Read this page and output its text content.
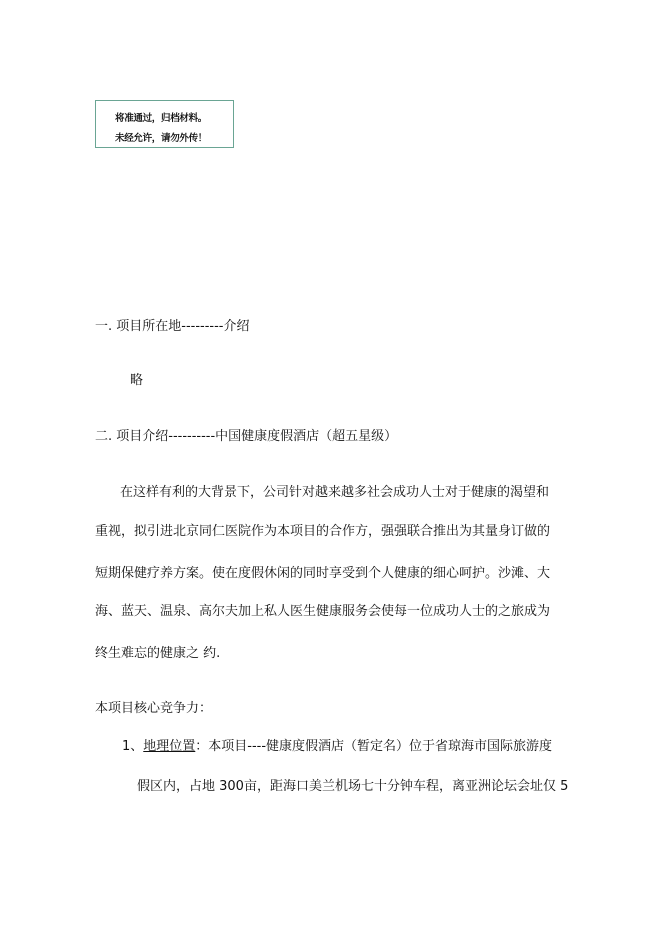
将准通过，归档材料。
未经允许，请勿外传！
一. 项目所在地---------介绍
略
二. 项目介绍----------中国健康度假酒店（超五星级）
在这样有利的大背景下，公司针对越来越多社会成功人士对于健康的渴望和
重视，拟引进北京同仁医院作为本项目的合作方，强强联合推出为其量身订做的
短期保健疗养方案。使在度假休闲的同时享受到个人健康的细心呵护。沙滩、大
海、蓝天、温泉、高尔夫加上私人医生健康服务会使每一位成功人士的之旅成为
终生难忘的健康之 约.
本项目核心竞争力：
1、地理位置：本项目----健康度假酒店（暂定名）位于省琼海市国际旅游度
假区内，占地 300亩，距海口美兰机场七十分钟车程，离亚洲论坛会址仅 5
